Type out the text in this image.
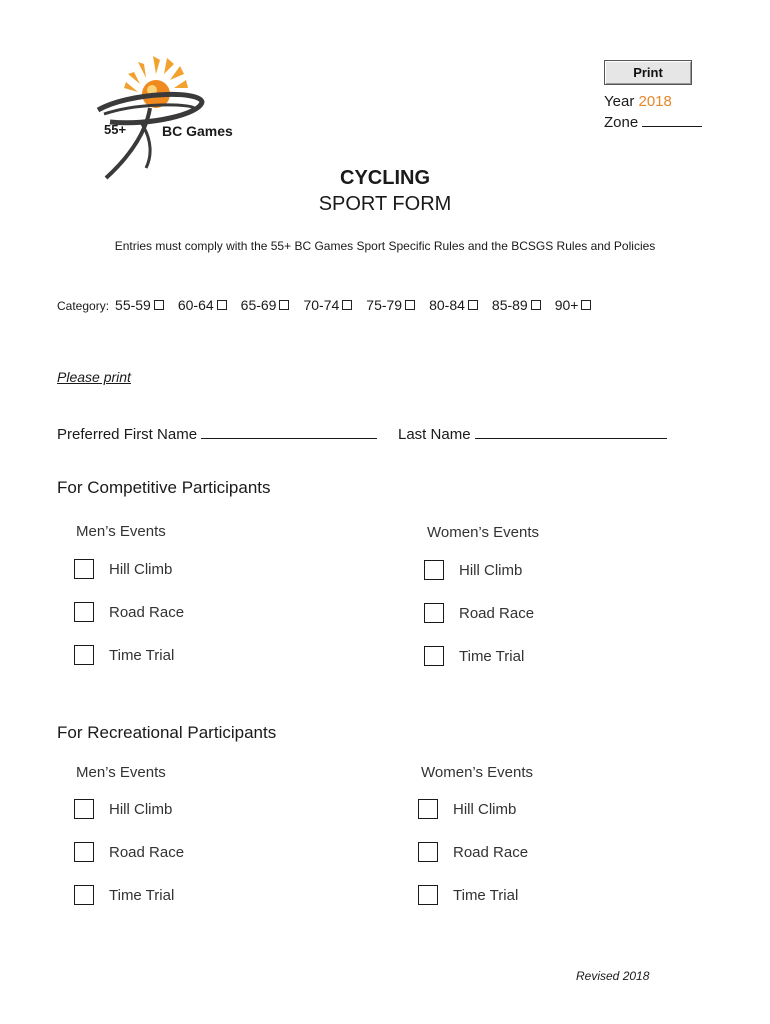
55+	BC Games
Print
Year 2018
Zone
CYCLING
SPORT FORM
Entries must comply with the 55+ BC Games Sport Specific Rules and the BCSGS Rules and Policies
Category: 55-59 60-64 65-69 70-74 75-79 80-84 85-89 90+
Please print
Preferred First Name	Last Name
For Competitive Participants
Men’s Events
Hill Climb
Road Race
Time Trial
Women’s Events
Hill Climb
Road Race
Time Trial
For Recreational Participants
Men’s Events
Hill Climb
Road Race
Time Trial
Women’s Events
Hill Climb
Road Race
Time Trial
Revised 2018
